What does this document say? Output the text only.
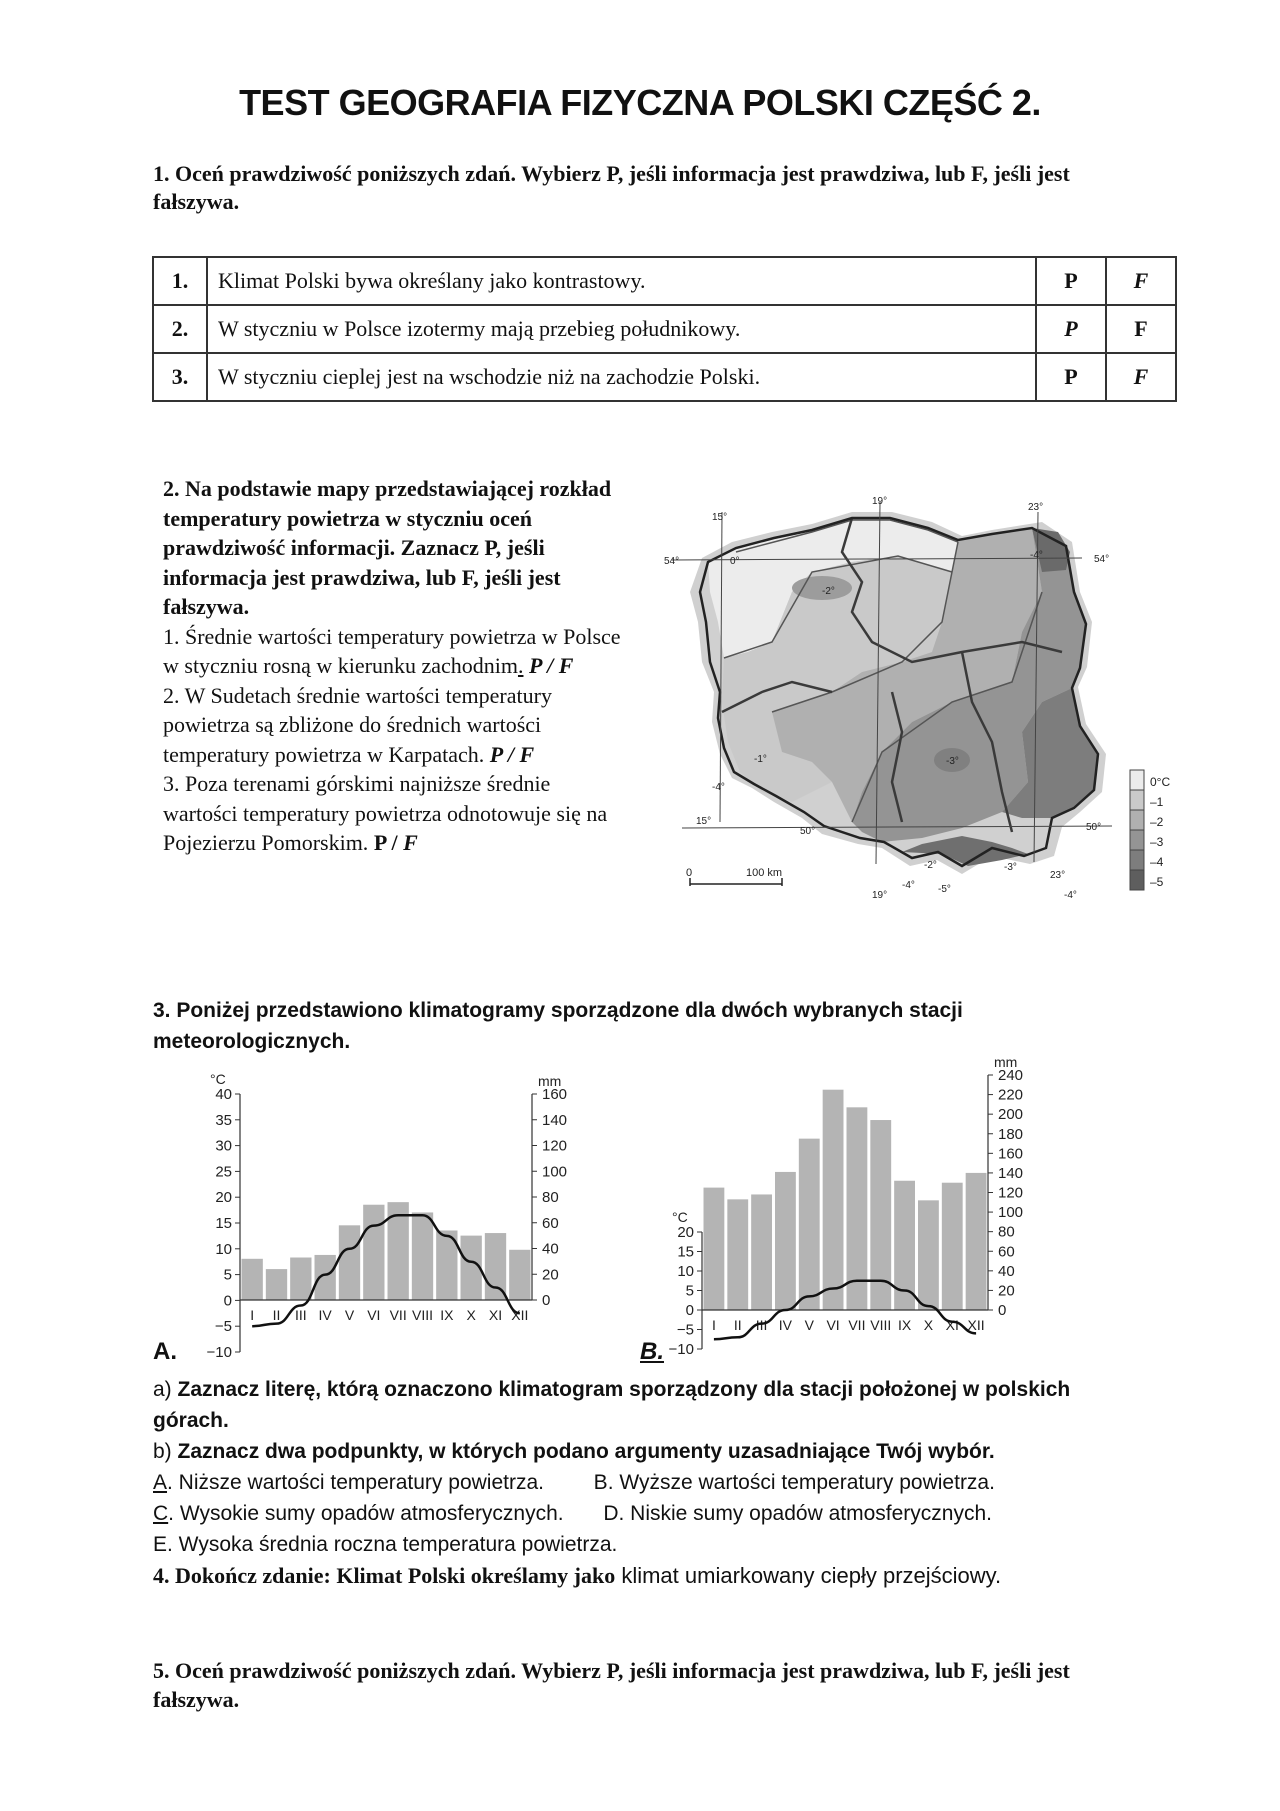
TEST GEOGRAFIA FIZYCZNA POLSKI CZĘŚĆ 2.
1. Oceń prawdziwość poniższych zdań. Wybierz P, jeśli informacja jest prawdziwa, lub F, jeśli jest fałszywa.
1.	Klimat Polski bywa określany jako kontrastowy.	P	F
2.	W styczniu w Polsce izotermy mają przebieg południkowy.	P	F
3.	W styczniu cieplej jest na wschodzie niż na zachodzie Polski.	P	F
2. Na podstawie mapy przedstawiającej rozkład temperatury powietrza w styczniu oceń prawdziwość informacji. Zaznacz P, jeśli informacja jest prawdziwa, lub F, jeśli jest fałszywa.
1. Średnie wartości temperatury powietrza w Polsce w styczniu rosną w kierunku zachodnim. P / F
2. W Sudetach średnie wartości temperatury powietrza są zbliżone do średnich wartości temperatury powietrza w Karpatach. P / F
3. Poza terenami górskimi najniższe średnie wartości temperatury powietrza odnotowuje się na Pojezierzu Pomorskim. P / F
15°
19°
23°
15°
19°
23°
54°	54°
50°	50°
0°
-2°
-4°
-1°
-4°
-3°
-2°	-3°
-4° -5°
-4°
0	100 km
0°C
–1
–2
–3
–4
–5
3. Poniżej przedstawiono klimatogramy sporządzone dla dwóch wybranych stacji meteorologicznych.
40
35
30
25
20
15
10
5
0
−5
−10
°C
160
140
120
100
80
60
40
20
0
mm
I II III IV V VI VII VIII IX X XI XII
20
15
10
5
0
−5
−10
°C
240
220
200
180
160
140
120
100
80
60
40
20
0
mm
I II III IV V VI VII VIII IX X XI XII
A.	B.
a) Zaznacz literę, którą oznaczono klimatogram sporządzony dla stacji położonej w polskich górach.
b) Zaznacz dwa podpunkty, w których podano argumenty uzasadniające Twój wybór.
A. Niższe wartości temperatury powietrza. B. Wyższe wartości temperatury powietrza.
C. Wysokie sumy opadów atmosferycznych. D. Niskie sumy opadów atmosferycznych.
E. Wysoka średnia roczna temperatura powietrza.
4. Dokończ zdanie: Klimat Polski określamy jako klimat umiarkowany ciepły przejściowy.
5. Oceń prawdziwość poniższych zdań. Wybierz P, jeśli informacja jest prawdziwa, lub F, jeśli jest fałszywa.
